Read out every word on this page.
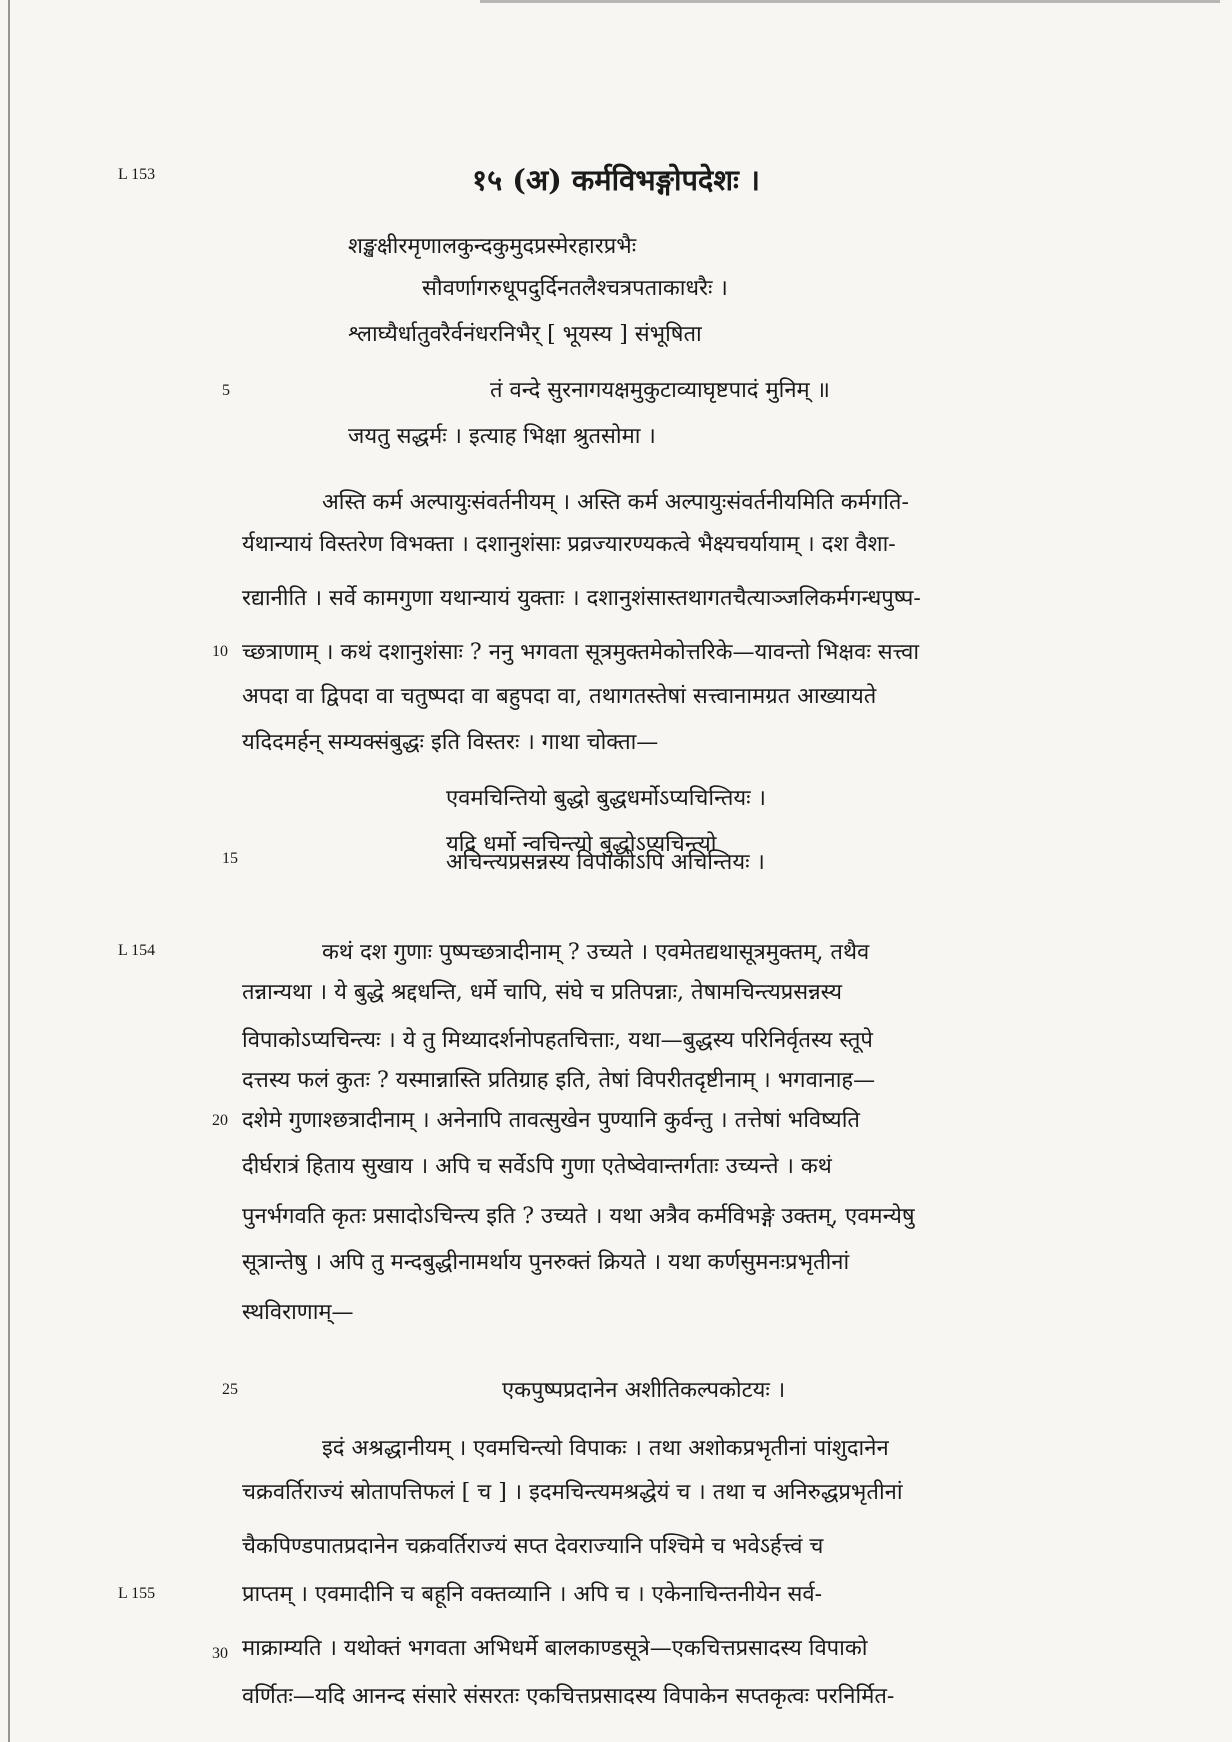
L 153
L 154
L 155
5
10
15
20
25
30
१५ (अ) कर्मविभङ्गोपदेशः ।
शङ्खक्षीरमृणालकुन्दकुमुदप्रस्मेरहारप्रभैः
सौवर्णागरुधूपदुर्दिनतलैश्चत्रपताकाधरैः ।
श्लाघ्यैर्धातुवरैर्वनंधरनिभैर् [ भूयस्य ] संभूषिता
तं वन्दे सुरनागयक्षमुकुटाव्याघृष्टपादं मुनिम् ॥
जयतु सद्धर्मः । इत्याह भिक्षा श्रुतसोमा ।
अस्ति कर्म अल्पायुःसंवर्तनीयम् । अस्ति कर्म अल्पायुःसंवर्तनीयमिति कर्मगति-
र्यथान्यायं विस्तरेण विभक्ता । दशानुशंसाः प्रव्रज्यारण्यकत्वे भैक्ष्यचर्यायाम् । दश वैशा-
रद्यानीति । सर्वे कामगुणा यथान्यायं युक्ताः । दशानुशंसास्तथागतचैत्याञ्जलिकर्मगन्धपुष्प-
च्छत्राणाम् । कथं दशानुशंसाः ? ननु भगवता सूत्रमुक्तमेकोत्तरिके—यावन्तो भिक्षवः सत्त्वा
अपदा वा द्विपदा वा चतुष्पदा वा बहुपदा वा, तथागतस्तेषां सत्त्वानामग्रत आख्यायते
यदिदमर्हन् सम्यक्संबुद्धः इति विस्तरः । गाथा चोक्ता—
एवमचिन्तियो बुद्धो बुद्धधर्मोऽप्यचिन्तियः ।
यदि धर्मो न्वचिन्त्यो बुद्धोऽप्यचिन्त्यो
अचिन्त्यप्रसन्नस्य विपाकोऽपि अचिन्तियः ।
कथं दश गुणाः पुष्पच्छत्रादीनाम् ? उच्यते । एवमेतद्यथासूत्रमुक्तम्, तथैव
तन्नान्यथा । ये बुद्धे श्रद्दधन्ति, धर्मे चापि, संघे च प्रतिपन्नाः, तेषामचिन्त्यप्रसन्नस्य
विपाकोऽप्यचिन्त्यः । ये तु मिथ्यादर्शनोपहतचित्ताः, यथा—बुद्धस्य परिनिर्वृतस्य स्तूपे
दत्तस्य फलं कुतः ? यस्मान्नास्ति प्रतिग्राह इति, तेषां विपरीतदृष्टीनाम् । भगवानाह—
दशेमे गुणाश्छत्रादीनाम् । अनेनापि तावत्सुखेन पुण्यानि कुर्वन्तु । तत्तेषां भविष्यति
दीर्घरात्रं हिताय सुखाय । अपि च सर्वेऽपि गुणा एतेष्वेवान्तर्गताः उच्यन्ते । कथं
पुनर्भगवति कृतः प्रसादोऽचिन्त्य इति ? उच्यते । यथा अत्रैव कर्मविभङ्गे उक्तम्, एवमन्येषु
सूत्रान्तेषु । अपि तु मन्दबुद्धीनामर्थाय पुनरुक्तं क्रियते । यथा कर्णसुमनःप्रभृतीनां
स्थविराणाम्—
एकपुष्पप्रदानेन अशीतिकल्पकोटयः ।
इदं अश्रद्धानीयम् । एवमचिन्त्यो विपाकः । तथा अशोकप्रभृतीनां पांशुदानेन
चक्रवर्तिराज्यं स्रोतापत्तिफलं [ च ] । इदमचिन्त्यमश्रद्धेयं च । तथा च अनिरुद्धप्रभृतीनां
चैकपिण्डपातप्रदानेन चक्रवर्तिराज्यं सप्त देवराज्यानि पश्चिमे च भवेऽर्हत्त्वं च
प्राप्तम् । एवमादीनि च बहूनि वक्तव्यानि । अपि च । एकेनाचिन्तनीयेन सर्व-
माक्राम्यति । यथोक्तं भगवता अभिधर्मे बालकाण्डसूत्रे—एकचित्तप्रसादस्य विपाको
वर्णितः—यदि आनन्द संसारे संसरतः एकचित्तप्रसादस्य विपाकेन सप्तकृत्वः परनिर्मित-
